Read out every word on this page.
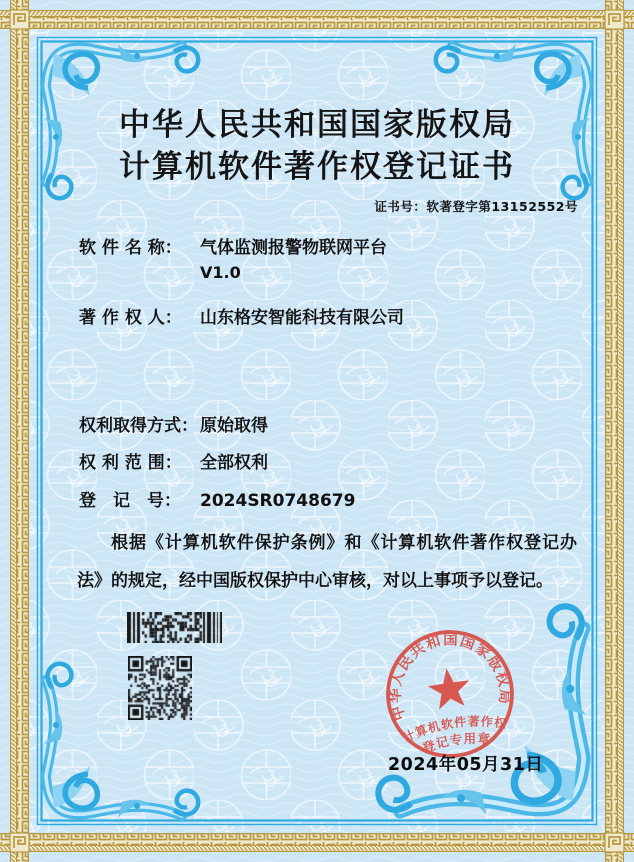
中华人民共和国国家版权局
计算机软件著作权登记证书
证书号：软著登字第13152552号
软 件 名 称：	气体监测报警物联网平台
V1.0
著 作 权 人：	山东格安智能科技有限公司
权利取得方式： 原始取得
权 利 范 围：	全部权利
登　记　号：	2024SR0748679

根据《计算机软件保护条例》和《计算机软件著作权登记办法》的规定，经中国版权保护中心审核，对以上事项予以登记。

中华人民共和国国家版权局
计算机软件著作权
登记专用章
2024年05月31日
